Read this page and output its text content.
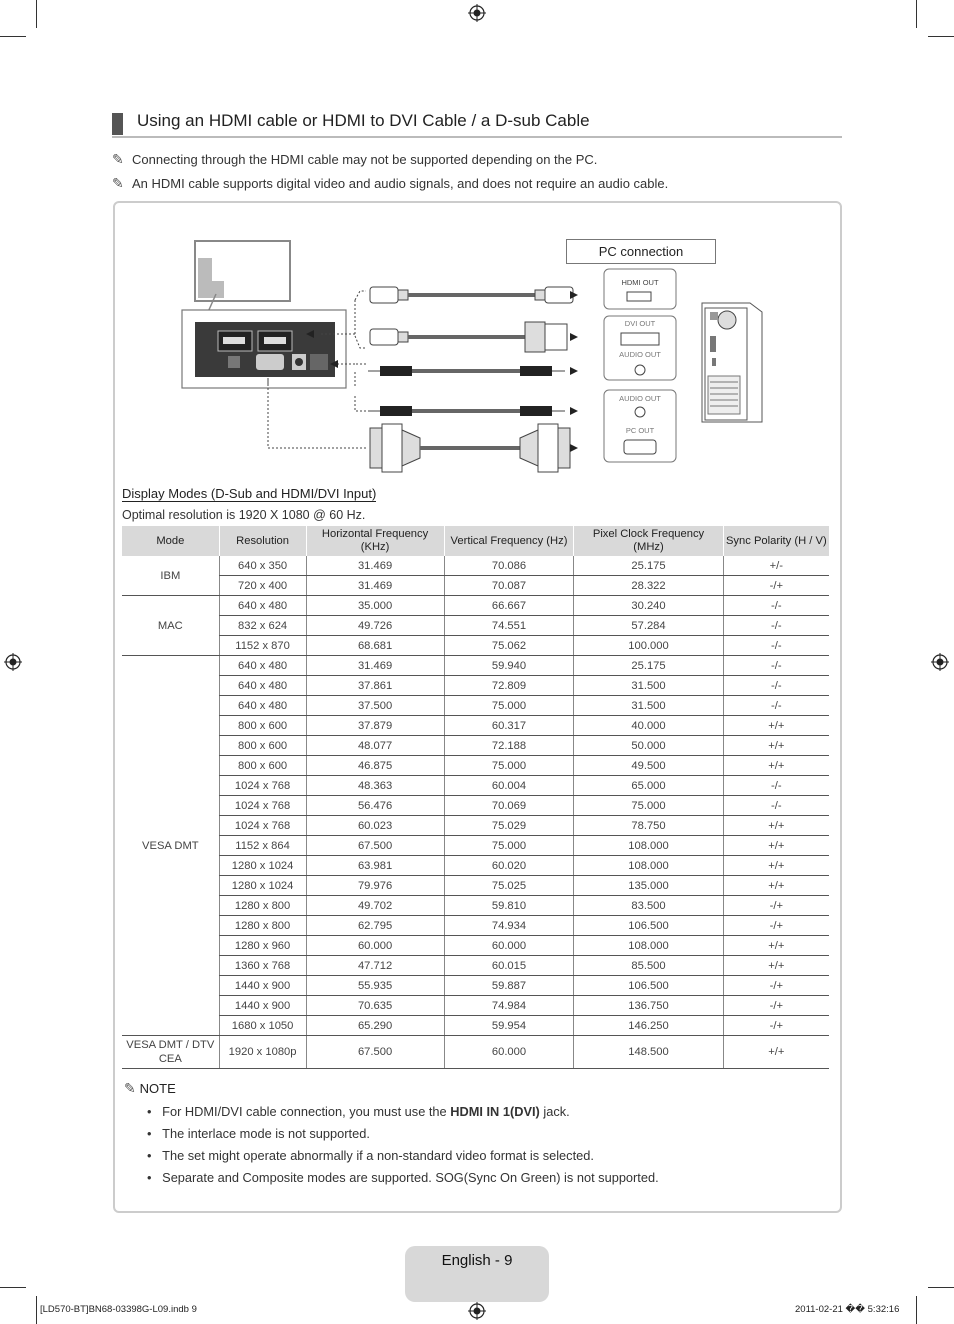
Using an HDMI cable or HDMI to DVI Cable / a D-sub Cable
✎ Connecting through the HDMI cable may not be supported depending on the PC.
✎ An HDMI cable supports digital video and audio signals, and does not require an audio cable.
PC connection
HDMI OUT
DVI OUT
AUDIO OUT
AUDIO OUT
PC OUT
Display Modes (D-Sub and HDMI/DVI Input)
Optimal resolution is 1920 X 1080 @ 60 Hz.
Mode	Resolution	Horizontal Frequency (KHz)	Vertical Frequency (Hz)	Pixel Clock Frequency (MHz)	Sync Polarity (H / V)
IBM	640 x 350	31.469	70.086	25.175	+/-
	720 x 400	31.469	70.087	28.322	-/+
MAC	640 x 480	35.000	66.667	30.240	-/-
	832 x 624	49.726	74.551	57.284	-/-
	1152 x 870	68.681	75.062	100.000	-/-
VESA DMT	640 x 480	31.469	59.940	25.175	-/-
	640 x 480	37.861	72.809	31.500	-/-
	640 x 480	37.500	75.000	31.500	-/-
	800 x 600	37.879	60.317	40.000	+/+
	800 x 600	48.077	72.188	50.000	+/+
	800 x 600	46.875	75.000	49.500	+/+
	1024 x 768	48.363	60.004	65.000	-/-
	1024 x 768	56.476	70.069	75.000	-/-
	1024 x 768	60.023	75.029	78.750	+/+
	1152 x 864	67.500	75.000	108.000	+/+
	1280 x 1024	63.981	60.020	108.000	+/+
	1280 x 1024	79.976	75.025	135.000	+/+
	1280 x 800	49.702	59.810	83.500	-/+
	1280 x 800	62.795	74.934	106.500	-/+
	1280 x 960	60.000	60.000	108.000	+/+
	1360 x 768	47.712	60.015	85.500	+/+
	1440 x 900	55.935	59.887	106.500	-/+
	1440 x 900	70.635	74.984	136.750	-/+
	1680 x 1050	65.290	59.954	146.250	-/+
VESA DMT / DTV CEA	1920 x 1080p	67.500	60.000	148.500	+/+
✎ NOTE
•   For HDMI/DVI cable connection, you must use the HDMI IN 1(DVI) jack.
•   The interlace mode is not supported.
•   The set might operate abnormally if a non-standard video format is selected.
•   Separate and Composite modes are supported. SOG(Sync On Green) is not supported.
English - 9
[LD570-BT]BN68-03398G-L09.indb 9	2011-02-21 �� 5:32:16
